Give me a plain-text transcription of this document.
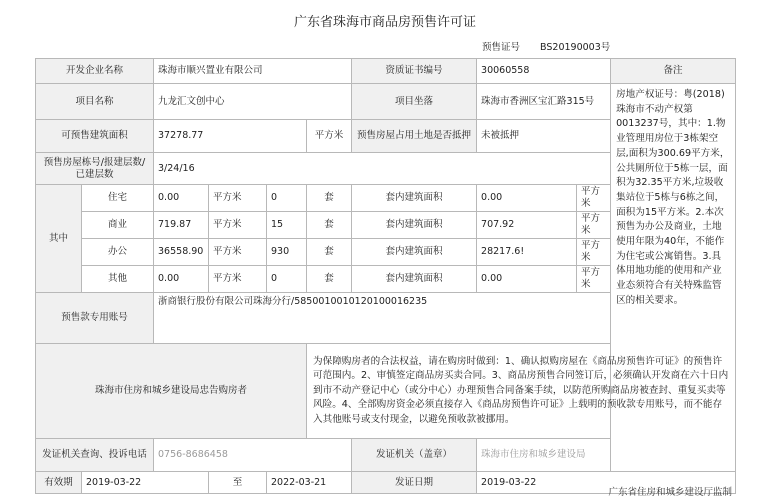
广东省珠海市商品房预售许可证
预售证号 BS20190003号
开发企业名称		珠海市顺兴置业有限公司				资质证书编号	30060558		备注
项目名称		九龙汇文创中心				项目坐落	珠海市香洲区宝汇路315号		房地产权证号：粤(2018)珠海市不动产权第0013237号，其中：1.物业管理用房位于3栋架空层,面积为300.69平方米，公共厕所位于5栋一层，面积为32.35平方米,垃圾收集站位于5栋与6栋之间，面积为15平方米。2.本次预售为办公及商业，土地使用年限为40年，不能作为住宅或公寓销售。3.具体用地功能的使用和产业业态须符合有关特殊监管区的相关要求。
可预售建筑面积		37278.77			平方米	预售房屋占用土地是否抵押	未被抵押		
预售房屋栋号/报建层数/已建层数		3/24/16							
其中	住宅	0.00	平方米	0	套	套内建筑面积	0.00	平方米	
	商业	719.87	平方米	15	套	套内建筑面积	707.92	平方米	
	办公	36558.90	平方米	930	套	套内建筑面积	28217.6!	平方米	
	其他	0.00	平方米	0	套	套内建筑面积	0.00	平方米	
预售款专用账号		浙商银行股份有限公司珠海分行/585001001012010001623​5							
珠海市住房和城乡建设局忠告购房者					为保障购房者的合法权益，请在购房时做到：1、确认拟购房屋在《商品房预售许可证》的预售许可范围内。2、审慎签定商品房买卖合同。3、商品房预售合同签订后，必须确认开发商在六十日内到市不动产登记中心（或分中心）办理预售合同备案手续，以防范所购商品房被查封、重复买卖等风险。4、全部购房资金必须直接存入《商品房预售许可证》上载明的预收款专用账号，而不能存入其他账号或支付现金，以避免预收款被挪用。				
发证机关查询、投诉电话		0756-8686458				发证机关（盖章）	珠海市住房和城乡建设局		
有效期	2019-03-22		至	2022-03-21		发证日期	2019-03-22		
广东省住房和城乡建设厅监制
